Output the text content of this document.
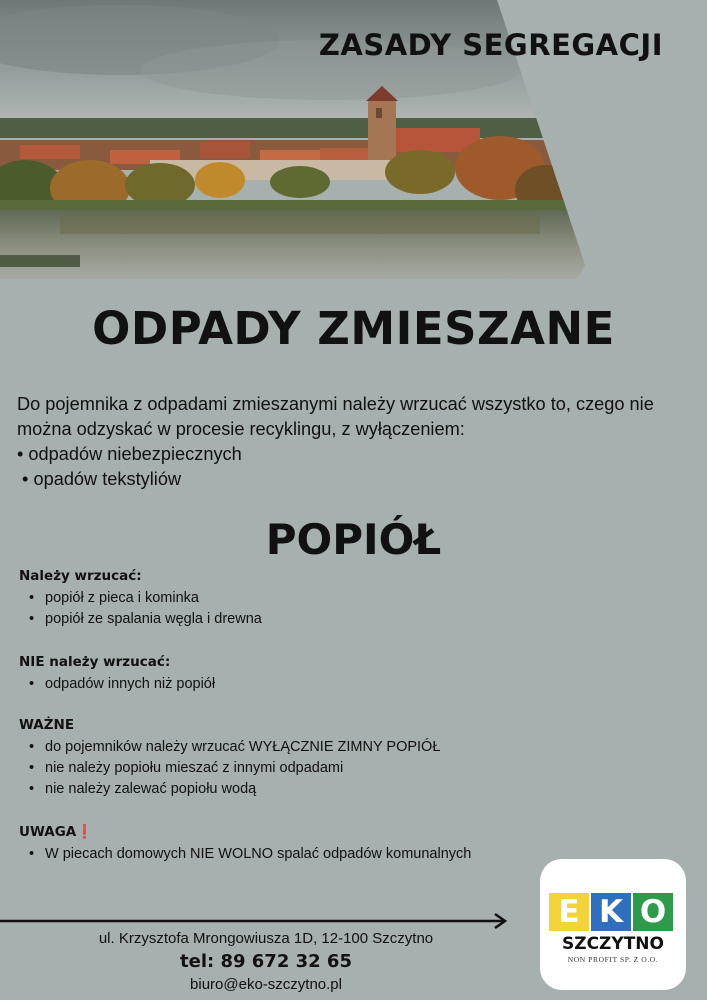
ZASADY SEGREGACJI
ODPADY ZMIESZANE

Do pojemnika z odpadami zmieszanymi należy wrzucać wszystko to, czego nie można odzyskać w procesie recyklingu, z wyłączeniem:

• odpadów niebezpiecznych
• opadów tekstyliów
POPIÓŁ
Należy wrzucać:
• popiół z pieca i kominka
• popiół ze spalania węgla i drewna
NIE należy wrzucać:
• odpadów innych niż popiół
WAŻNE
• do pojemników należy wrzucać WYŁĄCZNIE ZIMNY POPIÓŁ
• nie należy popiołu mieszać z innymi odpadami
• nie należy zalewać popiołu wodą
UWAGA❗
• W piecach domowych NIE WOLNO spalać odpadów komunalnych
ul. Krzysztofa Mrongowiusza 1D, 12-100 Szczytno
tel: 89 672 32 65
biuro@eko-szczytno.pl
E K O
SZCZYTNO
NON PROFIT SP. Z O.O.
